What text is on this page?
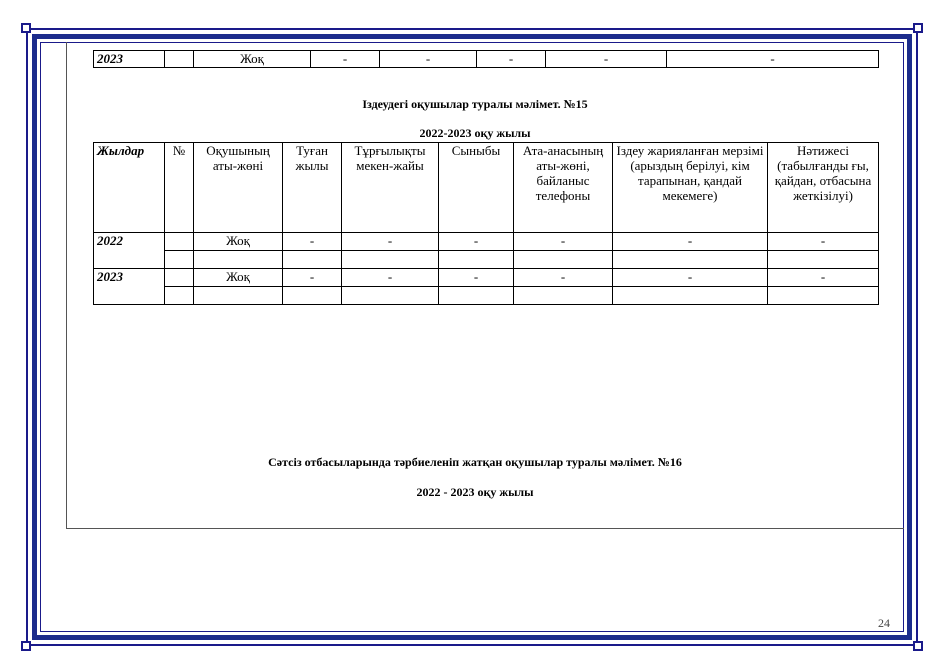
2023		Жоқ	-	-	-	-	-
Іздеудегі оқушылар туралы мәлімет. №15
2022-2023 оқу жылы
Жылдар	№	Оқушының аты-жөні	Туған жылы	Тұрғылықты мекен-жайы	Сыныбы	Ата-анасының аты-жөні, байланыс телефоны	Іздеу жарияланған мерзімі (арыздың берілуі, кім тарапынан, қандай мекемеге)	Нәтижесі (табылғанды ғы, қайдан, отбасына жеткізілуі)
2022		Жоқ	-	-	-	-	-	-

2023		Жоқ	-	-	-	-	-	-

Сәтсіз отбасыларында тәрбиеленіп жатқан оқушылар туралы мәлімет. №16
2022 - 2023 оқу жылы
24
